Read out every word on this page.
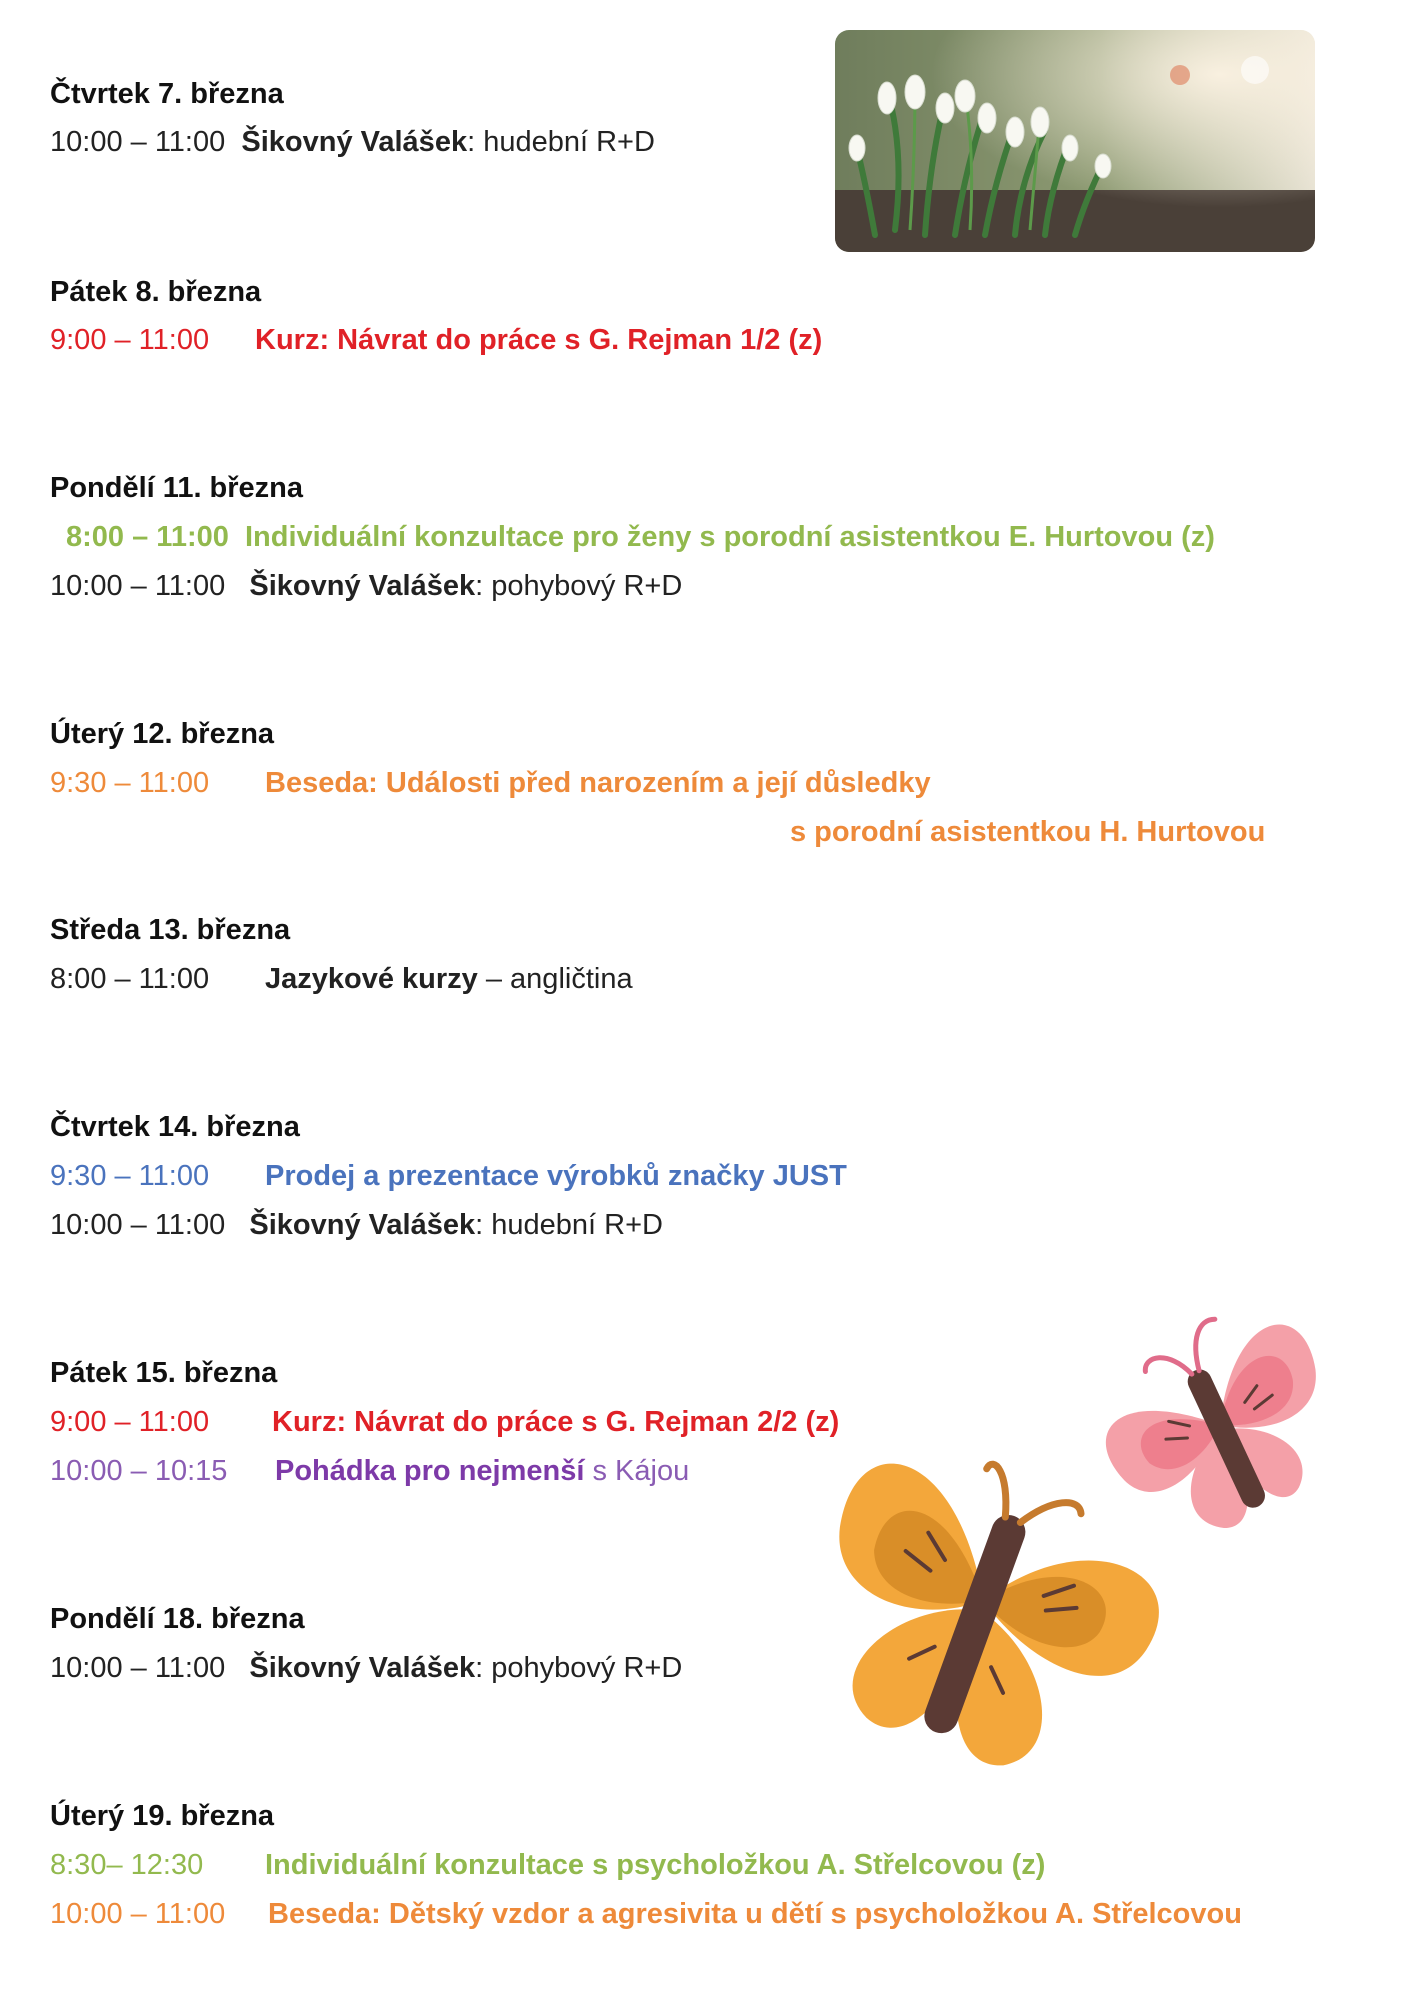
Čtvrtek 7. března
10:00 – 11:00 Šikovný Valášek: hudební R+D
Pátek 8. března
9:00 – 11:00 Kurz: Návrat do práce s G. Rejman 1/2 (z)
Pondělí 11. března
8:00 – 11:00 Individuální konzultace pro ženy s porodní asistentkou E. Hurtovou (z)
10:00 – 11:00 Šikovný Valášek: pohybový R+D
Úterý 12. března
9:30 – 11:00 Beseda: Události před narozením a její důsledky
s porodní asistentkou H. Hurtovou
Středa 13. března
8:00 – 11:00 Jazykové kurzy – angličtina
Čtvrtek 14. března
9:30 – 11:00 Prodej a prezentace výrobků značky JUST
10:00 – 11:00 Šikovný Valášek: hudební R+D
Pátek 15. března
9:00 – 11:00 Kurz: Návrat do práce s G. Rejman 2/2 (z)
10:00 – 10:15 Pohádka pro nejmenší s Kájou
Pondělí 18. března
10:00 – 11:00 Šikovný Valášek: pohybový R+D
Úterý 19. března
8:30– 12:30 Individuální konzultace s psycholožkou A. Střelcovou (z)
10:00 – 11:00 Beseda: Dětský vzdor a agresivita u dětí s psycholožkou A. Střelcovou
